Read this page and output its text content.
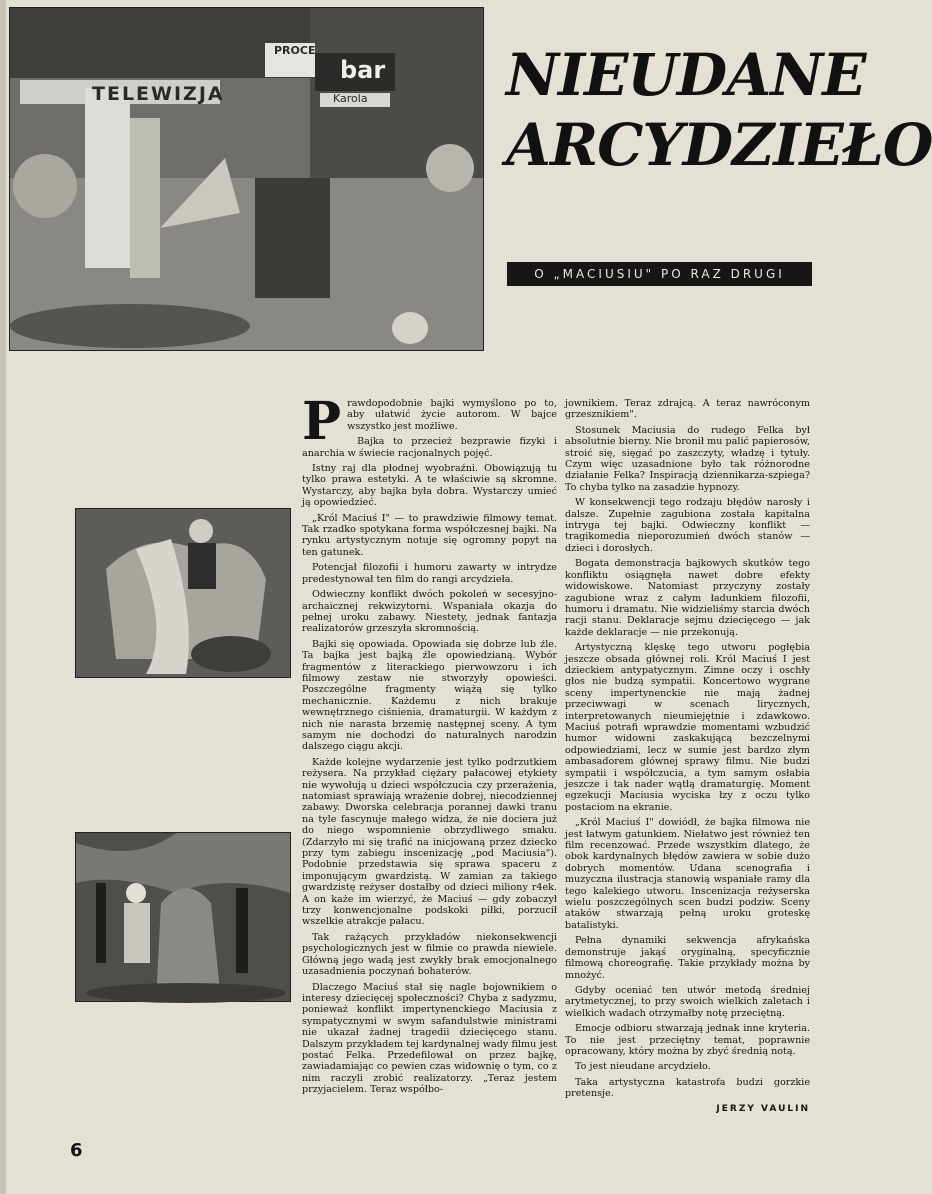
TELEWIZJA
bar
Karola
PROCE	NIEUDANE
ARCYDZIEŁO
O „MACIUSIU" PO RAZ DRUGI
P rawdopodobnie bajki wymyślono po to, aby ułatwić życie autorom. W bajce wszystko jest możliwe.

Bajka to przecież bezprawie fizyki i anarchia w świecie racjonalnych pojęć.

Istny raj dla płodnej wyobraźni. Obowiązują tu tylko prawa estetyki. A te właściwie są skromne. Wystarczy, aby bajka była dobra. Wystarczy umieć ją opowiedzieć.

„Król Maciuś I" — to prawdziwie filmowy temat. Tak rzadko spotykana forma współczesnej bajki. Na rynku artystycznym notuje się ogromny popyt na ten gatunek.

Potencjał filozofii i humoru zawarty w intrydze predestynował ten film do rangi arcydzieła.

Odwieczny konflikt dwóch pokoleń w secesyjno-archaicznej rekwizytorni. Wspaniała okazja do pełnej uroku zabawy. Niestety, jednak fantazja realizatorów grzeszyła skromnością.

Bajki się opowiada. Opowiada się dobrze lub źle. Ta bajka jest bajką źle opowiedzianą. Wybór fragmentów z literackiego pierwowzoru i ich filmowy zestaw nie stworzyły opowieści. Poszczególne fragmenty wiążą się tylko mechanicznie. Każdemu z nich brakuje wewnętrznego ciśnienia, dramaturgii. W każdym z nich nie narasta brzemię następnej sceny. A tym samym nie dochodzi do naturalnych narodzin dalszego ciągu akcji.

Każde kolejne wydarzenie jest tylko podrzutkiem reżysera. Na przykład ciężary pałacowej etykiety nie wywołują u dzieci współczucia czy przerażenia, natomiast sprawiają wrażenie dobrej, niecodziennej zabawy. Dworska celebracja porannej dawki tranu na tyle fascynuje małego widza, że nie dociera już do niego wspomnienie obrzydliwego smaku. (Zdarzyło mi się trafić na inicjowaną przez dziecko przy tym zabiegu inscenizację „pod Maciusia"). Podobnie przedstawia się sprawa spaceru z imponującym gwardzistą. W zamian za takiego gwardzistę reżyser dostałby od dzieci miliony r4ek. A on każe im wierzyć, że Maciuś — gdy zobaczył trzy konwencjonalne podskoki piłki, porzucił wszelkie atrakcje pałacu.

Tak rażących przykładów niekonsekwencji psychologicznych jest w filmie co prawda niewiele. Główną jego wadą jest zwykły brak emocjonalnego uzasadnienia poczynań bohaterów.

Dlaczego Maciuś stał się nagle bojownikiem o interesy dziecięcej społeczności? Chyba z sadyzmu, ponieważ konflikt impertynenckiego Maciusia z sympatycznymi w swym safandulstwie ministrami nie ukazał żadnej tragedii dziecięcego stanu. Dalszym przykładem tej kardynalnej wady filmu jest postać Felka. Przedefilował on przez bajkę, zawiadamiając co pewien czas widownię o tym, co z nim raczyli zrobić realizatorzy. „Teraz jestem przyjacielem. Teraz współbo-

jownikiem. Teraz zdrajcą. A teraz nawróconym grzesznikiem".

Stosunek Maciusia do rudego Felka był absolutnie bierny. Nie bronił mu palić papierosów, stroić się, sięgać po zaszczyty, władzę i tytuły. Czym więc uzasadnione było tak różnorodne działanie Felka? Inspiracją dziennikarza-szpiega? To chyba tylko na zasadzie hypnozy.

W konsekwencji tego rodzaju błędów narosły i dalsze. Zupełnie zagubiona została kapitalna intryga tej bajki. Odwieczny konflikt — tragikomedia nieporozumień dwóch stanów — dzieci i dorosłych.

Bogata demonstracja bajkowych skutków tego konfliktu osiągnęła nawet dobre efekty widowiskowe. Natomiast przyczyny zostały zagubione wraz z całym ładunkiem filozofii, humoru i dramatu. Nie widzieliśmy starcia dwóch racji stanu. Deklaracje sejmu dziecięcego — jak każde deklaracje — nie przekonują.

Artystyczną klęskę tego utworu pogłębia jeszcze obsada głównej roli. Król Maciuś I jest dzieckiem antypatycznym. Zimne oczy i oschły głos nie budzą sympatii. Koncertowo wygrane sceny impertynenckie nie mają żadnej przeciwwagi w scenach lirycznych, interpretowanych nieumiejętnie i zdawkowo. Maciuś potrafi wprawdzie momentami wzbudzić humor widowni zaskakującą bezczelnymi odpowiedziami, lecz w sumie jest bardzo złym ambasadorem głównej sprawy filmu. Nie budzi sympatii i współczucia, a tym samym osłabia jeszcze i tak nader wątłą dramaturgię. Moment egzekucji Maciusia wyciska łzy z oczu tylko postaciom na ekranie.

„Król Maciuś I" dowiódł, że bajka filmowa nie jest łatwym gatunkiem. Niełatwo jest również ten film recenzować. Przede wszystkim dlatego, że obok kardynalnych błędów zawiera w sobie dużo dobrych momentów. Udana scenografia i muzyczna ilustracja stanowią wspaniałe ramy dla tego kalekiego utworu. Inscenizacja reżyserska wielu poszczególnych scen budzi podziw. Sceny ataków stwarzają pełną uroku groteskę batalistyki.

Pełna dynamiki sekwencja afrykańska demonstruje jakąś oryginalną, specyficznie filmową choreografię. Takie przykłady można by mnożyć.

Gdyby oceniać ten utwór metodą średniej arytmetycznej, to przy swoich wielkich zaletach i wielkich wadach otrzymałby notę przeciętną.

Emocje odbioru stwarzają jednak inne kryteria. To nie jest przeciętny temat, poprawnie opracowany, który można by zbyć średnią notą.

To jest nieudane arcydzieło.

Taka artystyczna katastrofa budzi gorzkie pretensje.

JERZY VAULIN

6
